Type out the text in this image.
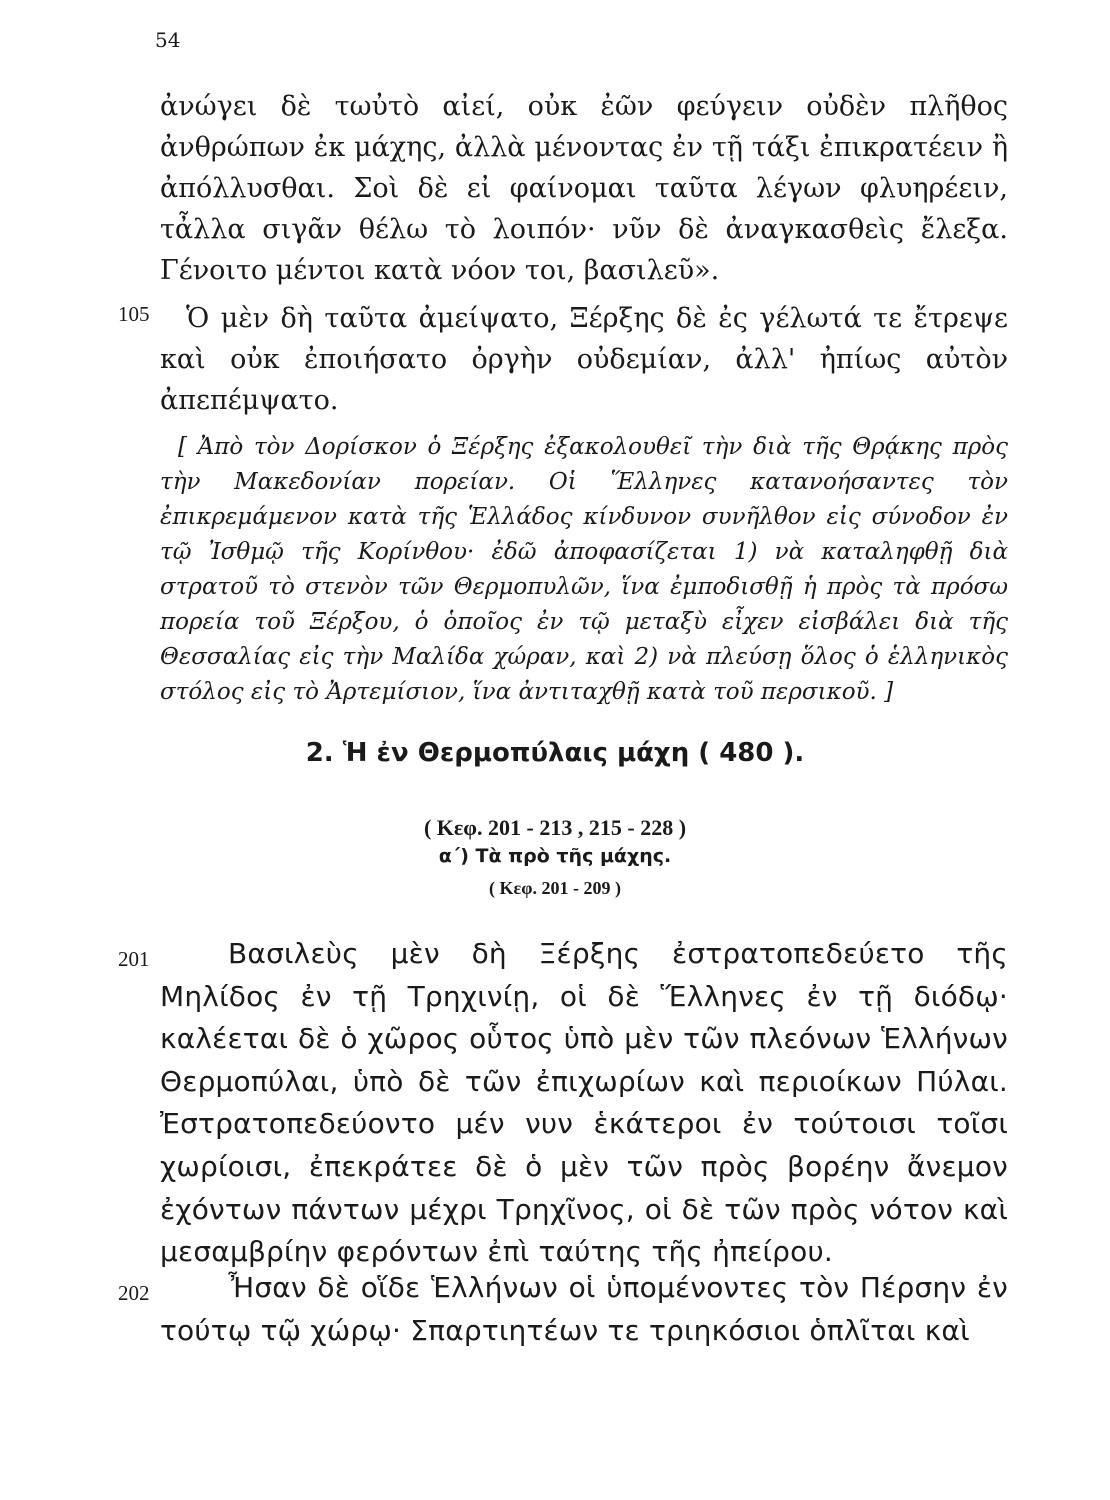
54

ἀνώγει δὲ τωὐτὸ αἰεί, οὐκ ἐῶν φεύγειν οὐδὲν πλῆθος ἀνθρώπων ἐκ μάχης, ἀλλὰ μένοντας ἐν τῇ τάξι ἐπικρατέειν ἢ ἀπόλλυσθαι. Σοὶ δὲ εἰ φαίνομαι ταῦτα λέγων φλυηρέειν, τἆλλα σιγᾶν θέλω τὸ λοιπόν· νῦν δὲ ἀναγκασθεὶς ἔλεξα. Γένοιτο μέντοι κατὰ νόον τοι, βασιλεῦ».

105	Ὁ μὲν δὴ ταῦτα ἀμείψατο, Ξέρξης δὲ ἐς γέλωτά τε ἔτρεψε καὶ οὐκ ἐποιήσατο ὀργὴν οὐδεμίαν, ἀλλ' ἠπίως αὐτὸν ἀπεπέμψατο.

[ Ἀπὸ τὸν Δορίσκον ὁ Ξέρξης ἐξακολουθεῖ τὴν διὰ τῆς Θρᾴκης πρὸς τὴν Μακεδονίαν πορείαν. Οἱ Ἕλληνες κατανοήσαντες τὸν ἐπικρεμάμενον κατὰ τῆς Ἑλλάδος κίνδυνον συνῆλθον εἰς σύνοδον ἐν τῷ Ἰσθμῷ τῆς Κορίνθου· ἐδῶ ἀποφασίζεται 1) νὰ καταληφθῇ διὰ στρατοῦ τὸ στενὸν τῶν Θερμοπυλῶν, ἵνα ἐμποδισθῇ ἡ πρὸς τὰ πρόσω πορεία τοῦ Ξέρξου, ὁ ὁποῖος ἐν τῷ μεταξὺ εἶχεν εἰσβάλει διὰ τῆς Θεσσαλίας εἰς τὴν Μαλίδα χώραν, καὶ 2) νὰ πλεύσῃ ὅλος ὁ ἑλληνικὸς στόλος εἰς τὸ Ἀρτεμίσιον, ἵνα ἀντιταχθῇ κατὰ τοῦ περσικοῦ. ]

2. Ἡ ἐν Θερμοπύλαις μάχη ( 480 ).
( Κεφ. 201 - 213 , 215 - 228 )
α΄) Τὰ πρὸ τῆς μάχης.
( Κεφ. 201 - 209 )
201	Βασιλεὺς μὲν δὴ Ξέρξης ἐστρατοπεδεύετο τῆς Μηλίδος ἐν τῇ Τρηχινίῃ, οἱ δὲ Ἕλληνες ἐν τῇ διόδῳ· καλέεται δὲ ὁ χῶρος οὗτος ὑπὸ μὲν τῶν πλεόνων Ἑλλήνων Θερμοπύλαι, ὑπὸ δὲ τῶν ἐπιχωρίων καὶ περιοίκων Πύλαι. Ἐστρατοπεδεύοντο μέν νυν ἑκάτεροι ἐν τούτοισι τοῖσι χωρίοισι, ἐπεκράτεε δὲ ὁ μὲν τῶν πρὸς βορέην ἄνεμον ἐχόντων πάντων μέχρι Τρηχῖνος, οἱ δὲ τῶν πρὸς νότον καὶ μεσαμβρίην φερόντων ἐπὶ ταύτης τῆς ἠπείρου.

202	Ἦσαν δὲ οἵδε Ἑλλήνων οἱ ὑπομένοντες τὸν Πέρσην ἐν τούτῳ τῷ χώρῳ· Σπαρτιητέων τε τριηκόσιοι ὁπλῖται καὶ
